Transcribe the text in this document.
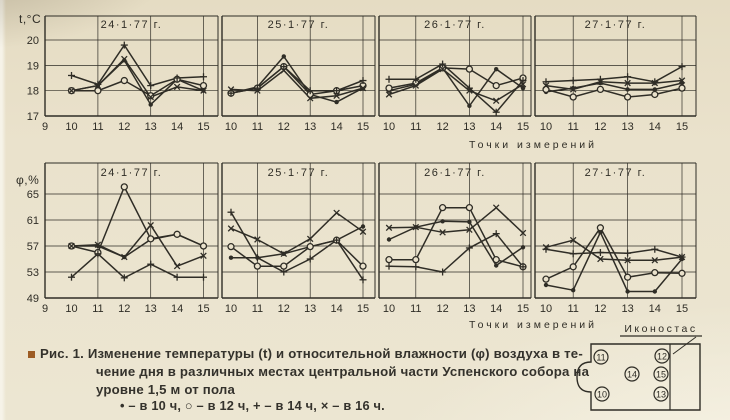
24·1·77 г.
9 10 11 12 13 14 15
20
19
18
17
t,°C	25·1·77 г.
10 11 12 13 14 15
26·1·77 г.
10 11 12 13 14 15
27·1·77 г.
10 11 12 13 14 15
Точки измерений
24·1·77 г.
9 10 11 12 13 14 15
65
61
57
53
49
φ,%	25·1·77 г.
10 11 12 13 14 15
26·1·77 г.
10 11 12 13 14 15
27·1·77 г.
10 11 12 13 14 15
Точки измерений	Иконостас
11	12
14 15
10	13
Рис. 1. Изменение температуры (t) и относительной влажности (φ) воздуха в те-
чение дня в различных местах центральной части Успенского собора на
уровне 1,5 м от пола
• – в 10 ч, ○ – в 12 ч, + – в 14 ч, × – в 16 ч.
